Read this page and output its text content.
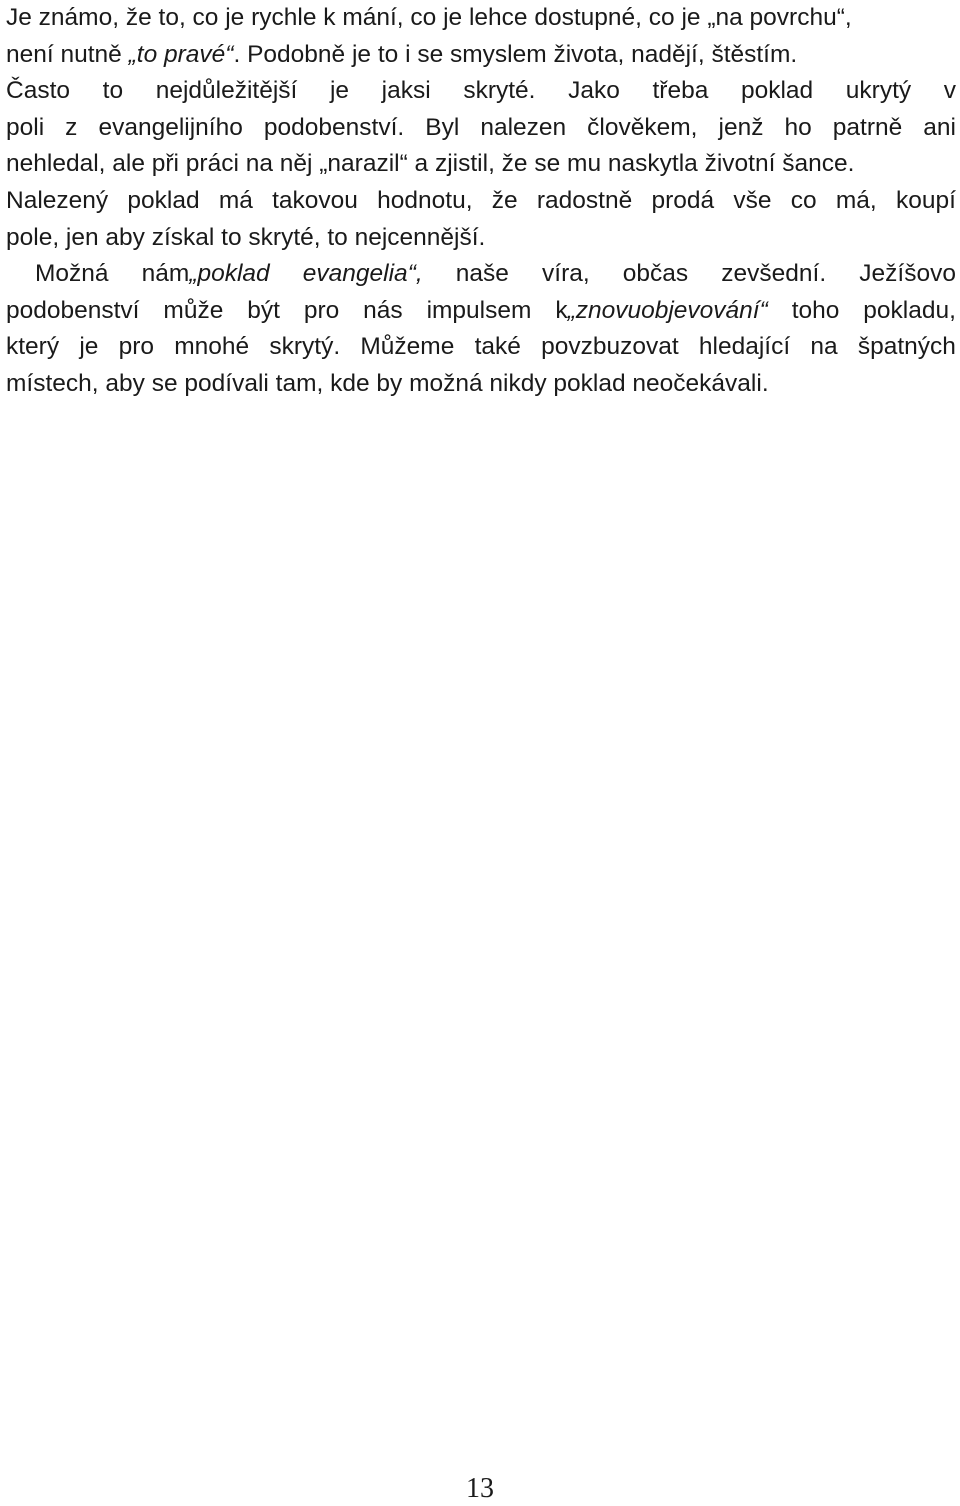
Je známo, že to, co je rychle k mání, co je lehce dostupné, co je „na povrchu“,
není nutně „to pravé“ . Podobně je to i se smyslem života, nadějí, štěstím.
Často to nejdůležitější je jaksi skryté. Jako třeba poklad ukrytý v
poli z evangelijního podobenství. Byl nalezen člověkem, jenž ho patrně ani
nehledal, ale při práci na něj „narazil“ a zjistil, že se mu naskytla životní šance.
Nalezený poklad má takovou hodnotu, že radostně prodá vše co má, koupí
pole, jen aby získal to skryté, to nejcennější.
Možná nám„poklad evangelia“, naše víra, občas zevšední. Ježíšovo
podobenství může být pro nás impulsem k„znovuobjevování“ toho pokladu,
který je pro mnohé skrytý. Můžeme také povzbuzovat hledající na špatných
místech, aby se podívali tam, kde by možná nikdy poklad neočekávali.
13
